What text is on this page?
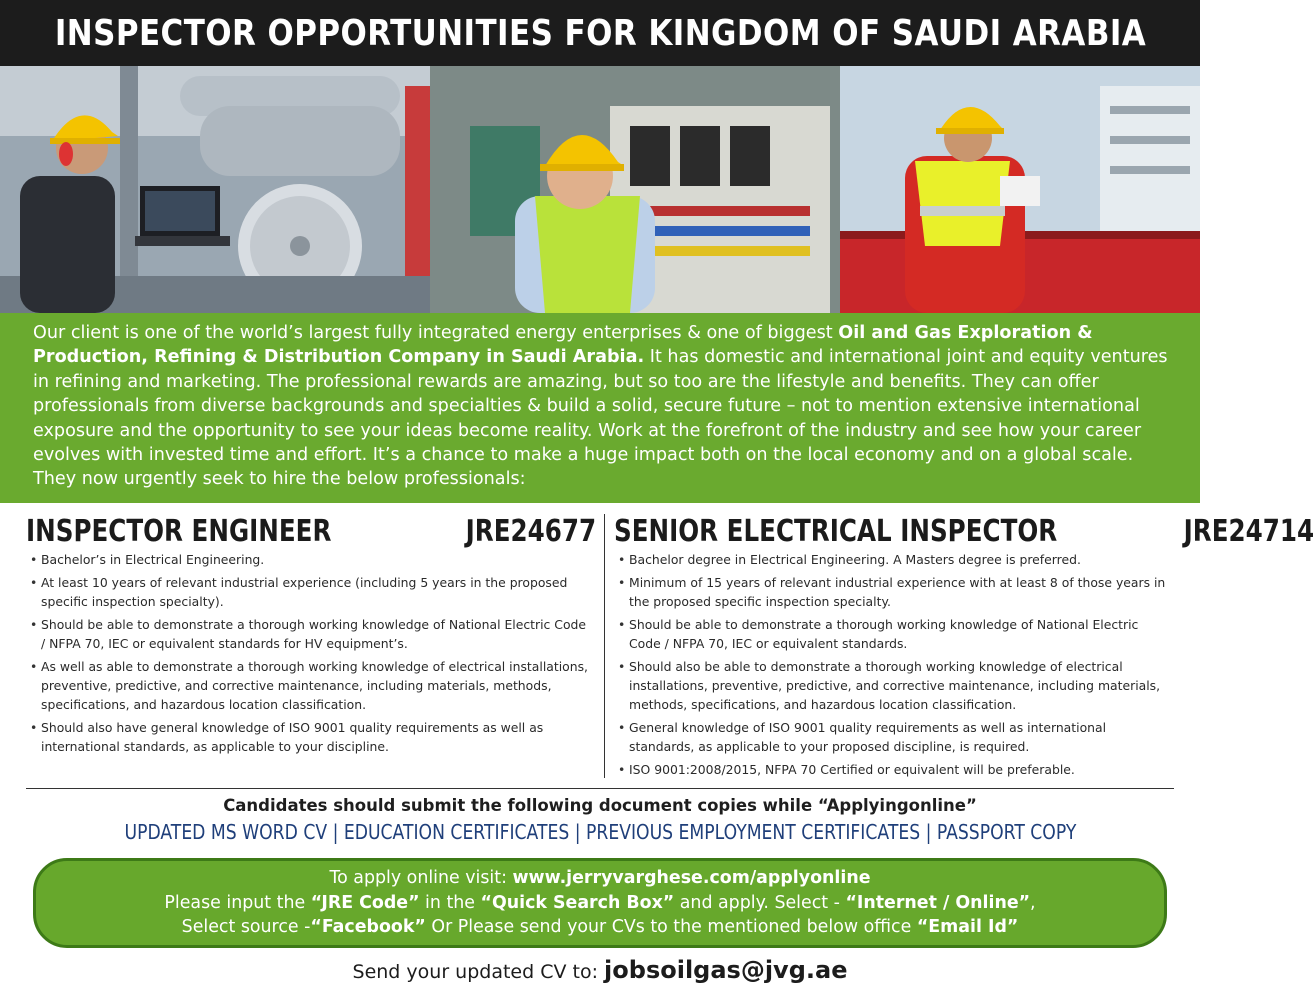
INSPECTOR OPPORTUNITIES FOR KINGDOM OF SAUDI ARABIA
Our client is one of the world’s largest fully integrated energy enterprises & one of biggest Oil and Gas Exploration & Production, Refining & Distribution Company in Saudi Arabia. It has domestic and international joint and equity ventures in refining and marketing. The professional rewards are amazing, but so too are the lifestyle and benefits. They can offer professionals from diverse backgrounds and specialties & build a solid, secure future – not to mention extensive international exposure and the opportunity to see your ideas become reality. Work at the forefront of the industry and see how your career evolves with invested time and effort. It’s a chance to make a huge impact both on the local economy and on a global scale. They now urgently seek to hire the below professionals:
INSPECTOR ENGINEER	JRE24677
• Bachelor’s in Electrical Engineering.
• At least 10 years of relevant industrial experience (including 5 years in the proposed specific inspection specialty).
• Should be able to demonstrate a thorough working knowledge of National Electric Code / NFPA 70, IEC or equivalent standards for HV equipment’s.
• As well as able to demonstrate a thorough working knowledge of electrical installations, preventive, predictive, and corrective maintenance, including materials, methods, specifications, and hazardous location classification.
• Should also have general knowledge of ISO 9001 quality requirements as well as international standards, as applicable to your discipline.
SENIOR ELECTRICAL INSPECTOR	JRE24714
• Bachelor degree in Electrical Engineering. A Masters degree is preferred.
• Minimum of 15 years of relevant industrial experience with at least 8 of those years in the proposed specific inspection specialty.
• Should be able to demonstrate a thorough working knowledge of National Electric Code / NFPA 70, IEC or equivalent standards.
• Should also be able to demonstrate a thorough working knowledge of electrical installations, preventive, predictive, and corrective maintenance, including materials, methods, specifications, and hazardous location classification.
• General knowledge of ISO 9001 quality requirements as well as international standards, as applicable to your proposed discipline, is required.
• ISO 9001:2008/2015, NFPA 70 Certified or equivalent will be preferable.
Candidates should submit the following document copies while “Applyingonline”
UPDATED MS WORD CV | EDUCATION CERTIFICATES | PREVIOUS EMPLOYMENT CERTIFICATES | PASSPORT COPY
To apply online visit: www.jerryvarghese.com/applyonline
Please input the “JRE Code” in the “Quick Search Box” and apply. Select - “Internet / Online”,
Select source -“Facebook” Or Please send your CVs to the mentioned below office “Email Id”
Send your updated CV to: jobsoilgas@jvg.ae
